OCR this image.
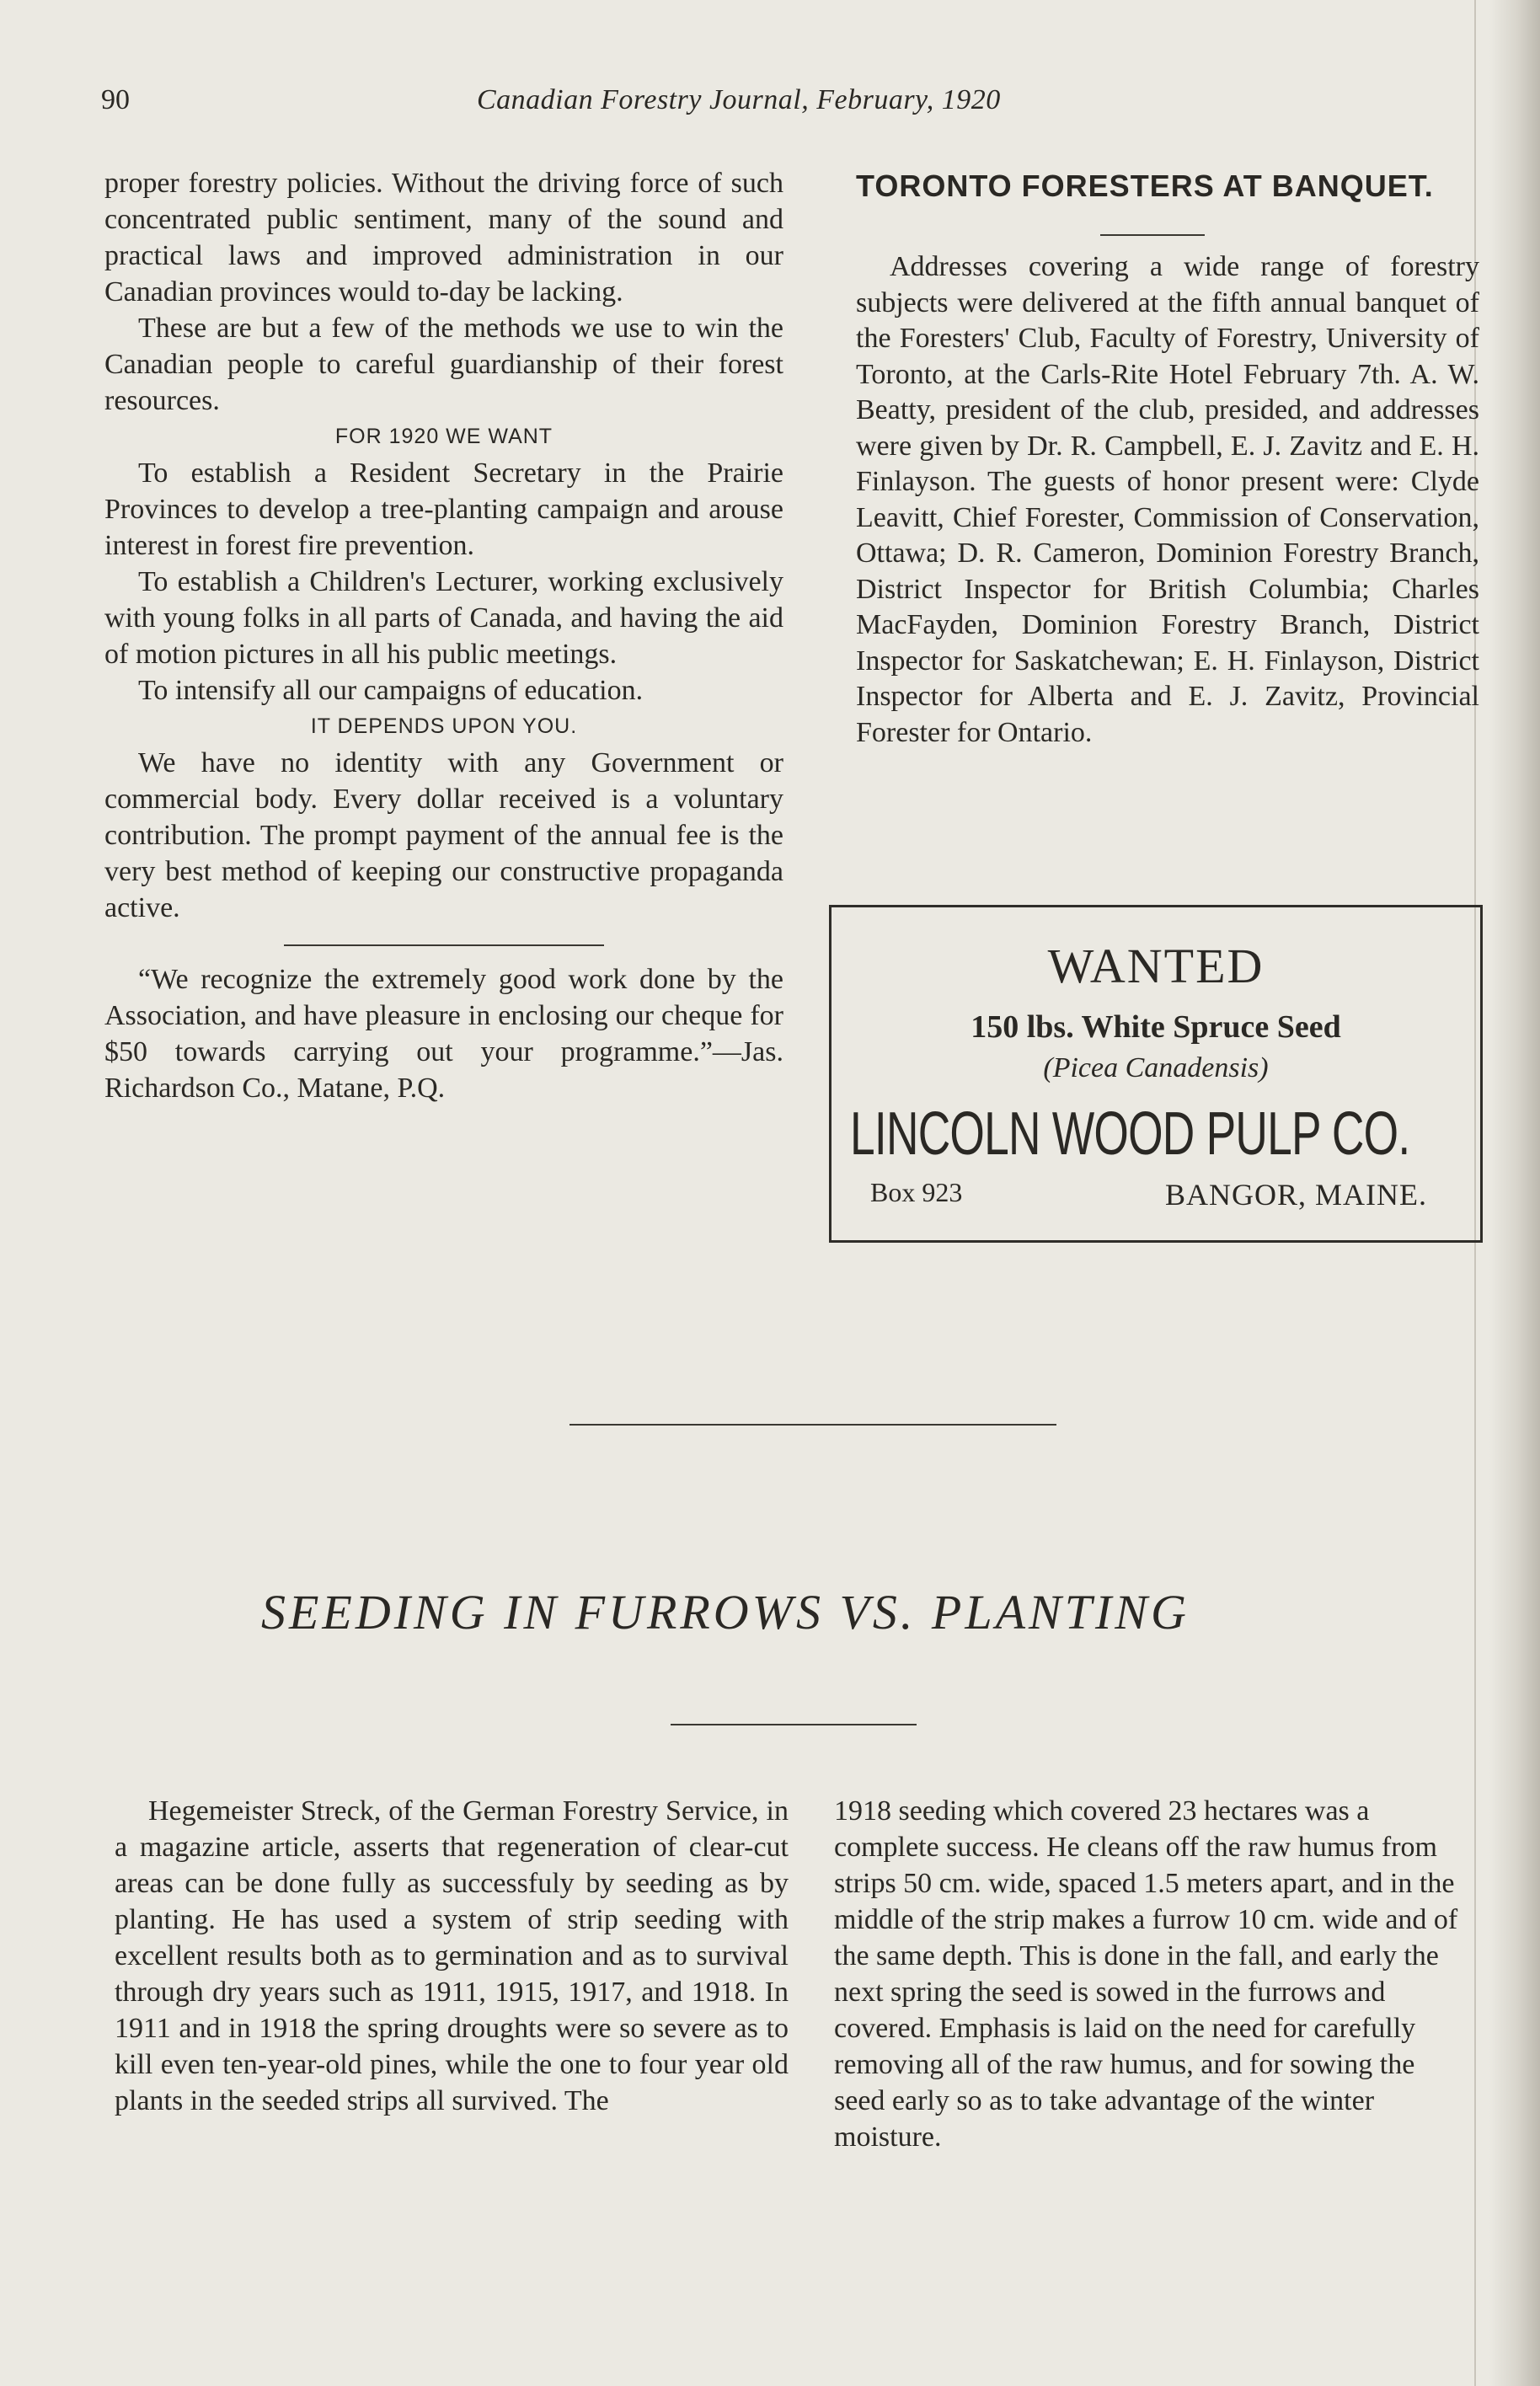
90	Canadian Forestry Journal, February, 1920

proper forestry policies. Without the driving force of such concentrated public sentiment, many of the sound and practical laws and improved administration in our Canadian provinces would to-day be lacking.

These are but a few of the methods we use to win the Canadian people to careful guardianship of their forest resources.

FOR 1920 WE WANT

To establish a Resident Secretary in the Prairie Provinces to develop a tree-planting campaign and arouse interest in forest fire prevention.

To establish a Children's Lecturer, working exclusively with young folks in all parts of Canada, and having the aid of motion pictures in all his public meetings.

To intensify all our campaigns of education.

IT DEPENDS UPON YOU.

We have no identity with any Government or commercial body. Every dollar received is a voluntary contribution. The prompt payment of the annual fee is the very best method of keeping our constructive propaganda active.

“We recognize the extremely good work done by the Association, and have pleasure in enclosing our cheque for $50 towards carrying out your programme.”—Jas. Richardson Co., Matane, P.Q.

TORONTO FORESTERS AT BANQUET.

Addresses covering a wide range of forestry subjects were delivered at the fifth annual banquet of the Foresters' Club, Faculty of Forestry, University of Toronto, at the Carls-Rite Hotel February 7th. A. W. Beatty, president of the club, presided, and addresses were given by Dr. R. Campbell, E. J. Zavitz and E. H. Finlayson. The guests of honor present were: Clyde Leavitt, Chief Forester, Commission of Conservation, Ottawa; D. R. Cameron, Dominion Forestry Branch, District Inspector for British Columbia; Charles MacFayden, Dominion Forestry Branch, District Inspector for Saskatchewan; E. H. Finlayson, District Inspector for Alberta and E. J. Zavitz, Provincial Forester for Ontario.

WANTED
150 lbs. White Spruce Seed
(Picea Canadensis)
LINCOLN WOOD PULP CO.
Box 923	BANGOR, MAINE.
SEEDING IN FURROWS VS. PLANTING

Hegemeister Streck, of the German Forestry Service, in a magazine article, asserts that regeneration of clear-cut areas can be done fully as successfuly by seeding as by planting. He has used a system of strip seeding with excellent results both as to germination and as to survival through dry years such as 1911, 1915, 1917, and 1918. In 1911 and in 1918 the spring droughts were so severe as to kill even ten-year-old pines, while the one to four year old plants in the seeded strips all survived. The

1918 seeding which covered 23 hectares was a complete success. He cleans off the raw humus from strips 50 cm. wide, spaced 1.5 meters apart, and in the middle of the strip makes a furrow 10 cm. wide and of the same depth. This is done in the fall, and early the next spring the seed is sowed in the furrows and covered. Emphasis is laid on the need for carefully removing all of the raw humus, and for sowing the seed early so as to take advantage of the winter moisture.
